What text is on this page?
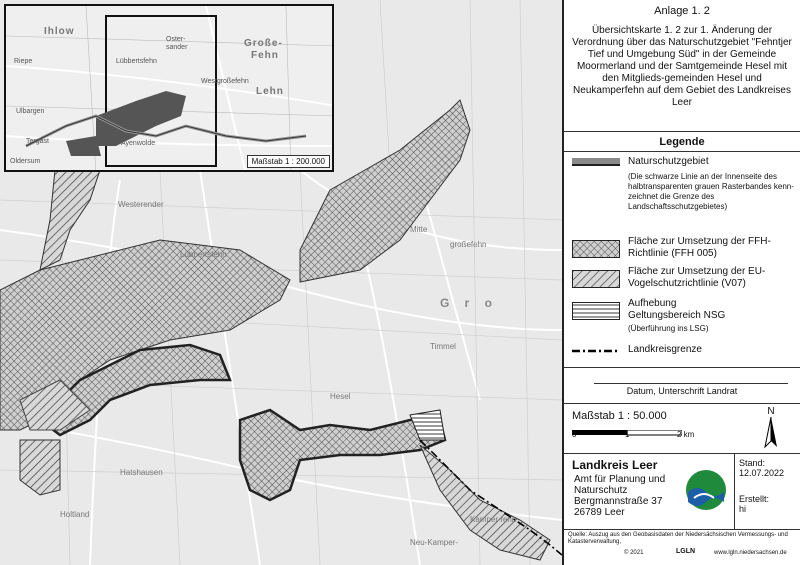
Westerender
Mitte
großefehn
Lübbertsfehn
Timmel
Hatshausen
Neu-Kamper-
Kamper-fehn
Holtland
Hesel
G r o
Ihlow
Große-
Fehn
Lehn
Timmel
Westgroßefehn
Lübbertsfehn
Iber
Ayenwolde
Oster-
sander
Riepe
Ulbargen
Tergast
Oldersum	Maßstab 1 : 200.000
Anlage 1. 2
Übersichtskarte 1. 2 zur 1. Änderung der Verordnung über das Naturschutzgebiet "Fehntjer Tief und Umgebung Süd" in der Gemeinde Moormerland und der Samtgemeinde Hesel mit den Mitglieds-gemeinden Hesel und Neukamperfehn auf dem Gebiet des Landkreises Leer
Legende
Naturschutzgebiet
(Die schwarze Linie an der Innenseite des halbtransparenten grauen Rasterbandes kenn-zeichnet die Grenze des Landschaftsschutzgebietes)
Fläche zur Umsetzung der FFH-Richtlinie (FFH 005)
Fläche zur Umsetzung der EU-Vogelschutzrichtlinie (V07)
Aufhebung
Geltungsbereich NSG
(Überführung ins LSG)
Landkreisgrenze
Datum, Unterschrift Landrat
Maßstab 1 : 50.000
0	1	2 km
N
Landkreis Leer
Amt für Planung und
Naturschutz
Bergmannstraße 37
26789 Leer
Stand:
12.07.2022
Erstellt:
hi
Quelle: Auszug aus den Geobasisdaten der Niedersächsischen Vermessungs- und Katasterverwaltung,
© 2021	LGLN	www.lgln.niedersachsen.de
